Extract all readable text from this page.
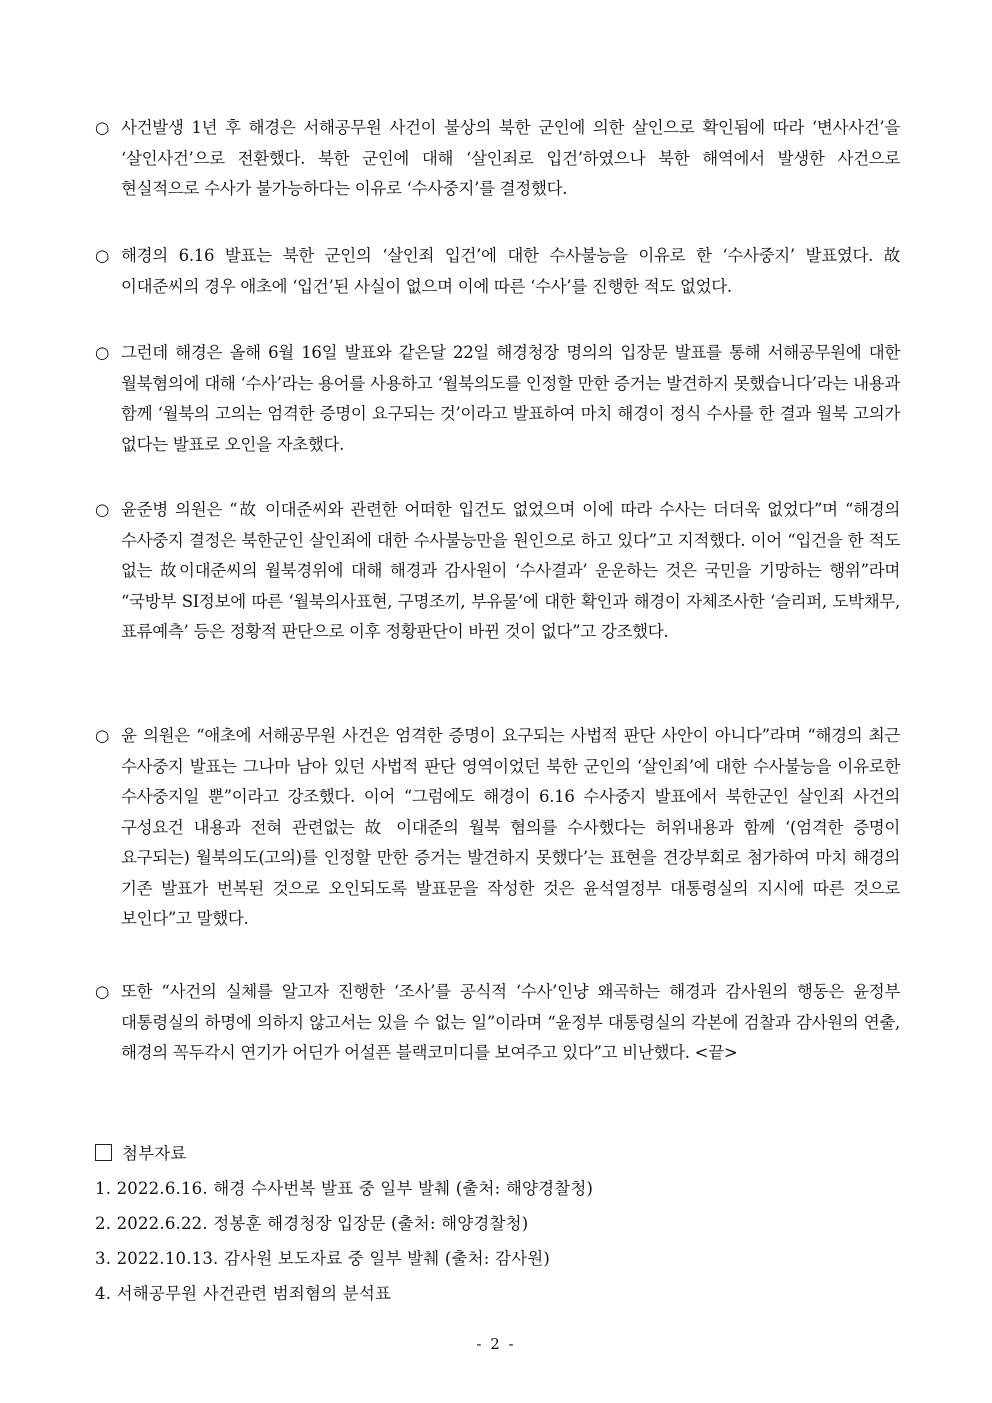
○ 사건발생 1년 후 해경은 서해공무원 사건이 불상의 북한 군인에 의한 살인으로 확인됨에 따라 ‘변사사건’을 ‘살인사건’으로 전환했다. 북한 군인에 대해 ‘살인죄로 입건’하였으나 북한 해역에서 발생한 사건으로 현실적으로 수사가 불가능하다는 이유로 ‘수사중지’를 결정했다.
○ 해경의 6.16 발표는 북한 군인의 ‘살인죄 입건’에 대한 수사불능을 이유로 한 ‘수사중지’ 발표였다. 故 이대준씨의 경우 애초에 ‘입건’된 사실이 없으며 이에 따른 ‘수사’를 진행한 적도 없었다.
○ 그런데 해경은 올해 6월 16일 발표와 같은달 22일 해경청장 명의의 입장문 발표를 통해 서해공무원에 대한 월북혐의에 대해 ‘수사’라는 용어를 사용하고 ‘월북의도를 인정할 만한 증거는 발견하지 못했습니다’라는 내용과 함께 ‘월북의 고의는 엄격한 증명이 요구되는 것’이라고 발표하여 마치 해경이 정식 수사를 한 결과 월북 고의가 없다는 발표로 오인을 자초했다.
○ 윤준병 의원은 “故 이대준씨와 관련한 어떠한 입건도 없었으며 이에 따라 수사는 더더욱 없었다”며 “해경의 수사중지 결정은 북한군인 살인죄에 대한 수사불능만을 원인으로 하고 있다”고 지적했다. 이어 “입건을 한 적도 없는 故이대준씨의 월북경위에 대해 해경과 감사원이 ‘수사결과’ 운운하는 것은 국민을 기망하는 행위”라며 “국방부 SI정보에 따른 ‘월북의사표현, 구명조끼, 부유물’에 대한 확인과 해경이 자체조사한 ‘슬리퍼, 도박채무, 표류예측’ 등은 정황적 판단으로 이후 정황판단이 바뀐 것이 없다”고 강조했다.
○ 윤 의원은 “애초에 서해공무원 사건은 엄격한 증명이 요구되는 사법적 판단 사안이 아니다”라며 “해경의 최근 수사중지 발표는 그나마 남아 있던 사법적 판단 영역이었던 북한 군인의 ‘살인죄’에 대한 수사불능을 이유로한 수사중지일 뿐”이라고 강조했다. 이어 “그럼에도 해경이 6.16 수사중지 발표에서 북한군인 살인죄 사건의 구성요건 내용과 전혀 관련없는 故 이대준의 월북 혐의를 수사했다는 허위내용과 함께 ‘(엄격한 증명이 요구되는) 월북의도(고의)를 인정할 만한 증거는 발견하지 못했다’는 표현을 견강부회로 첨가하여 마치 해경의 기존 발표가 번복된 것으로 오인되도록 발표문을 작성한 것은 윤석열정부 대통령실의 지시에 따른 것으로 보인다”고 말했다.
○ 또한 “사건의 실체를 알고자 진행한 ‘조사’를 공식적 ‘수사’인냥 왜곡하는 해경과 감사원의 행동은 윤정부 대통령실의 하명에 의하지 않고서는 있을 수 없는 일”이라며 “윤정부 대통령실의 각본에 검찰과 감사원의 연출, 해경의 꼭두각시 연기가 어딘가 어설픈 블랙코미디를 보여주고 있다”고 비난했다. <끝>
첨부자료
1. 2022.6.16. 해경 수사번복 발표 중 일부 발췌 (출처: 해양경찰청)
2. 2022.6.22. 정봉훈 해경청장 입장문 (출처: 해양경찰청)
3. 2022.10.13. 감사원 보도자료 중 일부 발췌 (출처: 감사원)
4. 서해공무원 사건관련 범죄혐의 분석표
- 2 -
